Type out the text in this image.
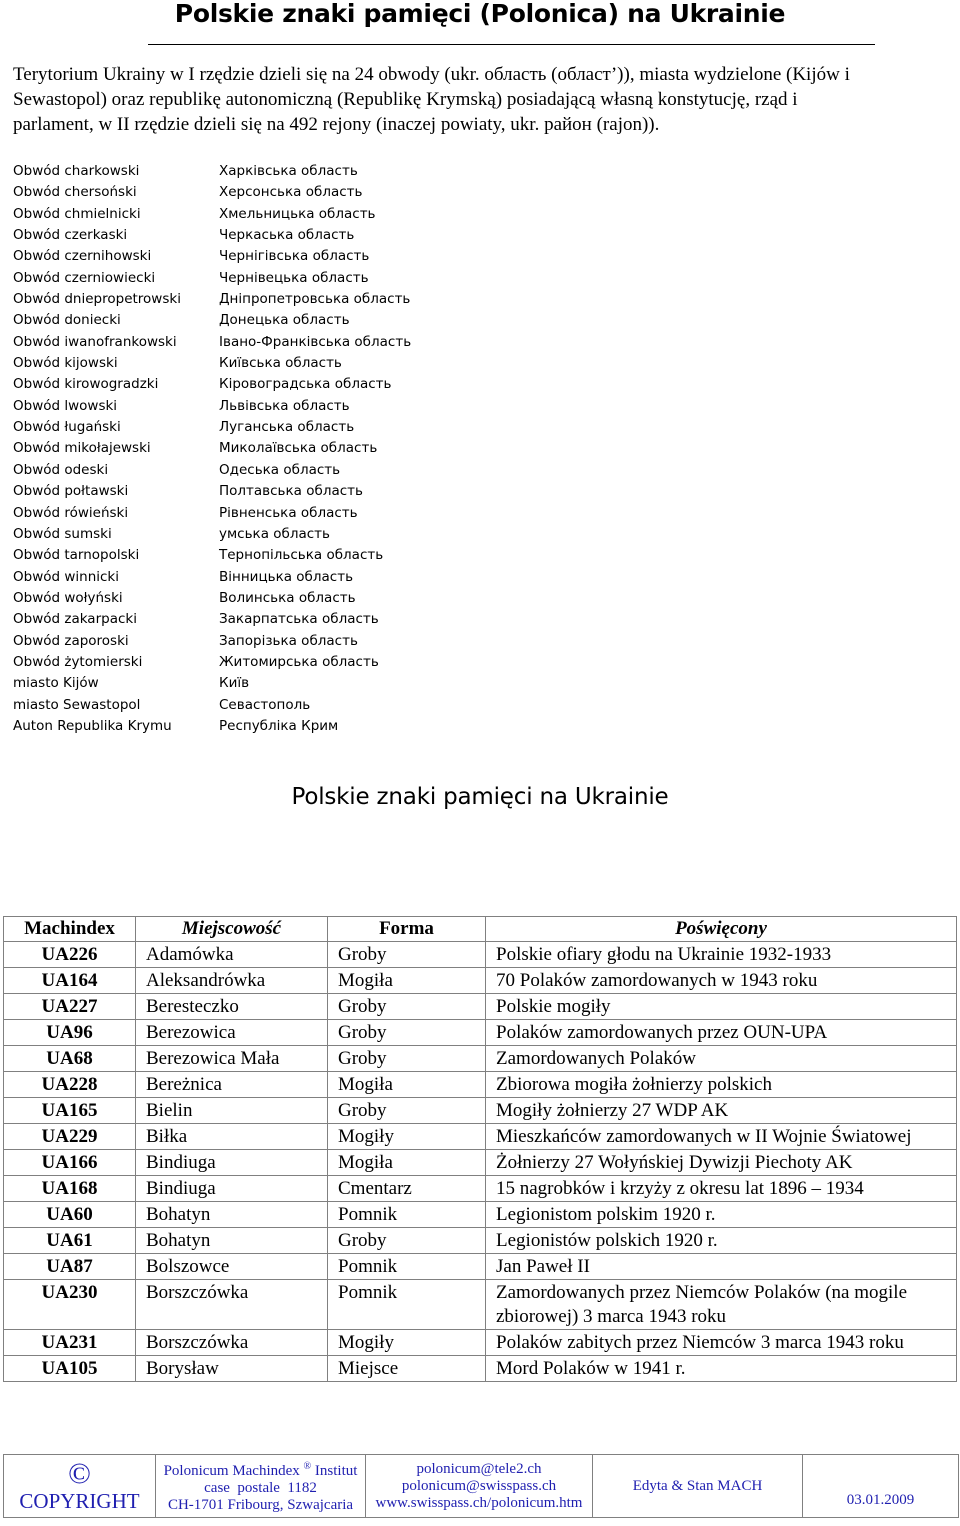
Polskie znaki pamięci (Polonica) na Ukrainie
Terytorium Ukrainy w I rzędzie dzieli się na 24 obwody (ukr. область (oбласт’)), miasta wydzielone (Kijów i
Sewastopol) oraz republikę autonomiczną (Republikę Krymską) posiadającą własną konstytucję, rząd i
parlament, w II rzędzie dzieli się na 492 rejony (inaczej powiaty, ukr. район (rajon)).
Obwód charkowski	Харківська область
Obwód chersoński	Херсонська область
Obwód chmielnicki	Хмельницька область
Obwód czerkaski	Черкаська область
Obwód czernihowski	Чернігівська область
Obwód czerniowiecki	Чернівецька область
Obwód dniepropetrowski	Дніпропетровська область
Obwód doniecki	Донецька область
Obwód iwanofrankowski	Івано-Франківська область
Obwód kijowski	Київська область
Obwód kirowogradzki	Кіровоградська область
Obwód lwowski	Львівська область
Obwód ługański	Луганська область
Obwód mikołajewski	Миколаївська область
Obwód odeski	Одеська область
Obwód połtawski	Полтавська область
Obwód rówieński	Рівненська область
Obwód sumski	умська область
Obwód tarnopolski	Тернопільська область
Obwód winnicki	Вінницька область
Obwód wołyński	Волинська область
Obwód zakarpacki	Закарпатська область
Obwód zaporoski	Запорізька область
Obwód żytomierski	Житомирська область
miasto Kijów	Київ
miasto Sewastopol	Севастополь
Auton Republika Krymu	Республіка Крим
Polskie znaki pamięci na Ukrainie
Machindex	Miejscowość	Forma	Poświęcony
UA226	Adamówka	Groby	Polskie ofiary głodu na Ukrainie 1932-1933
UA164	Aleksandrówka	Mogiła	70 Polaków zamordowanych w 1943 roku
UA227	Beresteczko	Groby	Polskie mogiły
UA96	Berezowica	Groby	Polaków zamordowanych przez OUN-UPA
UA68	Berezowica Mała	Groby	Zamordowanych Polaków
UA228	Bereżnica	Mogiła	Zbiorowa mogiła żołnierzy polskich
UA165	Bielin	Groby	Mogiły żołnierzy 27 WDP AK
UA229	Biłka	Mogiły	Mieszkańców zamordowanych w II Wojnie Światowej
UA166	Bindiuga	Mogiła	Żołnierzy 27 Wołyńskiej Dywizji Piechoty AK
UA168	Bindiuga	Cmentarz	15 nagrobków i krzyży z okresu lat 1896 – 1934
UA60	Bohatyn	Pomnik	Legionistom polskim 1920 r.
UA61	Bohatyn	Groby	Legionistów polskich 1920 r.
UA87	Bolszowce	Pomnik	Jan Paweł II
UA230	Borszczówka	Pomnik	Zamordowanych przez Niemców Polaków (na mogile zbiorowej) 3 marca 1943 roku
UA231	Borszczówka	Mogiły	Polaków zabitych przez Niemców 3 marca 1943 roku
UA105	Borysław	Miejsce	Mord Polaków w 1941 r.
©
COPYRIGHT

Polonicum Machindex ® Institut
case  postale  1182
CH-1701 Fribourg, Szwajcaria

polonicum@tele2.ch
polonicum@swisspass.ch
www.swisspass.ch/polonicum.htm
	Edyta & Stan MACH	03.01.2009
